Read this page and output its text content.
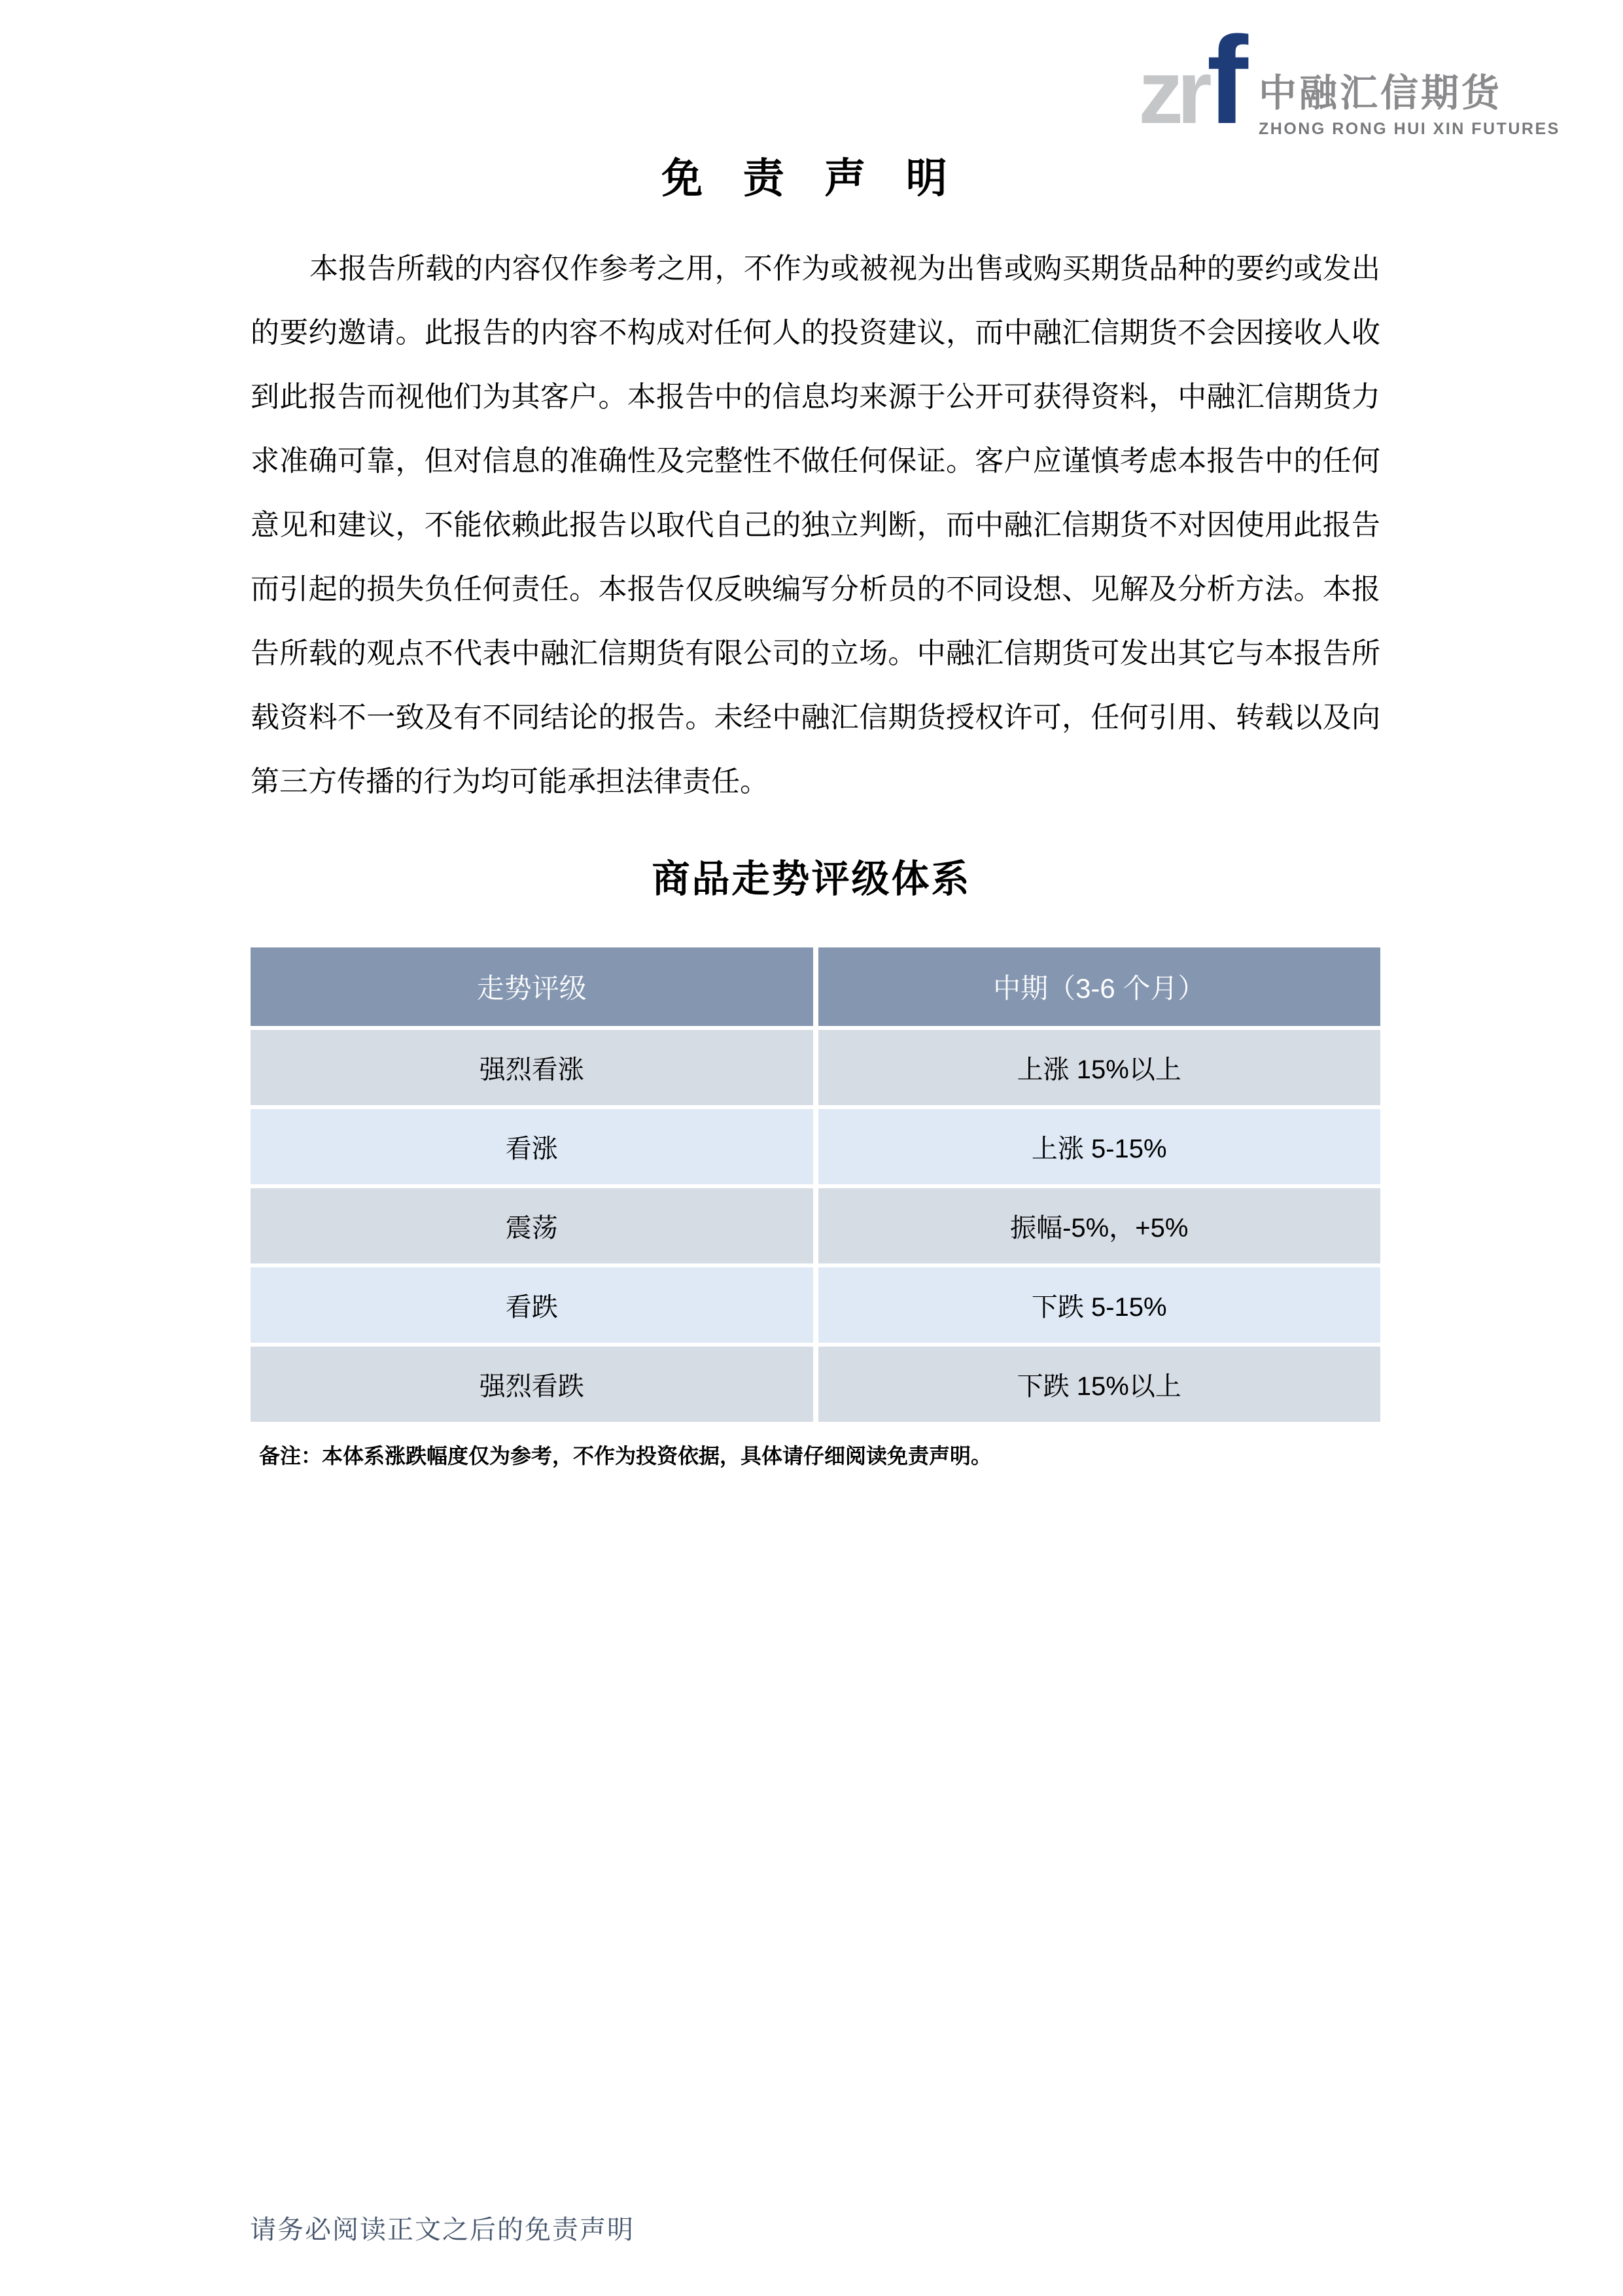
zrf 中融汇信期货
ZHONG RONG HUI XIN FUTURES
免 责 声 明

本报告所载的内容仅作参考之用，不作为或被视为出售或购买期货品种的要约或发出的要约邀请。此报告的内容不构成对任何人的投资建议，而中融汇信期货不会因接收人收到此报告而视他们为其客户。本报告中的信息均来源于公开可获得资料，中融汇信期货力求准确可靠，但对信息的准确性及完整性不做任何保证。客户应谨慎考虑本报告中的任何意见和建议，不能依赖此报告以取代自己的独立判断，而中融汇信期货不对因使用此报告而引起的损失负任何责任。本报告仅反映编写分析员的不同设想、见解及分析方法。本报告所载的观点不代表中融汇信期货有限公司的立场。中融汇信期货可发出其它与本报告所载资料不一致及有不同结论的报告。未经中融汇信期货授权许可，任何引用、转载以及向第三方传播的行为均可能承担法律责任。

商品走势评级体系
走势评级	中期（3-6 个月）
强烈看涨	上涨 15%以上
看涨	上涨 5-15%
震荡	振幅-5%，+5%
看跌	下跌 5-15%
强烈看跌	下跌 15%以上
备注：本体系涨跌幅度仅为参考，不作为投资依据，具体请仔细阅读免责声明。
请务必阅读正文之后的免责声明
